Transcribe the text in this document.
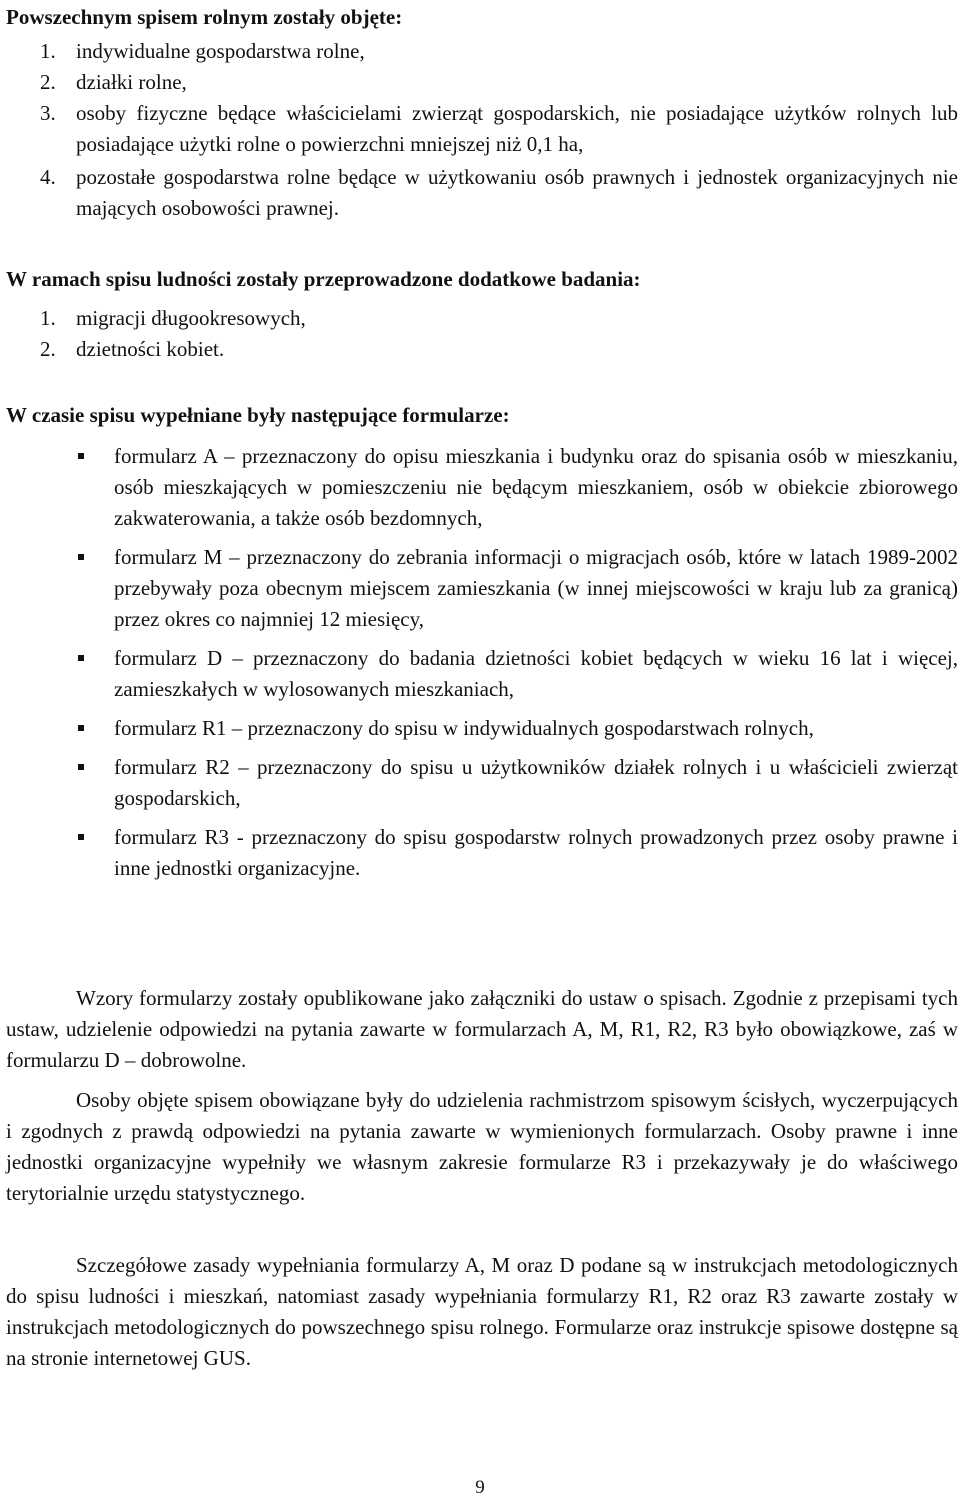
Powszechnym spisem rolnym zostały objęte:
1. indywidualne gospodarstwa rolne,
2. działki rolne,
3. osoby fizyczne będące właścicielami zwierząt gospodarskich, nie posiadające użytków rolnych lub posiadające użytki rolne o powierzchni mniejszej niż 0,1 ha,
4. pozostałe gospodarstwa rolne będące w użytkowaniu osób prawnych i jednostek organizacyjnych nie mających osobowości prawnej.
W ramach spisu ludności zostały przeprowadzone dodatkowe badania:
1. migracji długookresowych,
2. dzietności kobiet.
W czasie spisu wypełniane były następujące formularze:
formularz A – przeznaczony do opisu mieszkania i budynku oraz do spisania osób w mieszkaniu, osób mieszkających w pomieszczeniu nie będącym mieszkaniem, osób w obiekcie zbiorowego zakwaterowania, a także osób bezdomnych,
formularz M – przeznaczony do zebrania informacji o migracjach osób, które w latach 1989-2002 przebywały poza obecnym miejscem zamieszkania (w innej miejscowości w kraju lub za granicą) przez okres co najmniej 12 miesięcy,
formularz D – przeznaczony do badania dzietności kobiet będących w wieku 16 lat i więcej, zamieszkałych w wylosowanych mieszkaniach,
formularz R1 – przeznaczony do spisu w indywidualnych gospodarstwach rolnych,
formularz R2 – przeznaczony do spisu u użytkowników działek rolnych i u właścicieli zwierząt gospodarskich,
formularz R3 - przeznaczony do spisu gospodarstw rolnych prowadzonych przez osoby prawne i inne jednostki organizacyjne.

Wzory formularzy zostały opublikowane jako załączniki do ustaw o spisach. Zgodnie z przepisami tych ustaw, udzielenie odpowiedzi na pytania zawarte w formularzach A, M, R1, R2, R3 było obowiązkowe, zaś w formularzu D – dobrowolne.

Osoby objęte spisem obowiązane były do udzielenia rachmistrzom spisowym ścisłych, wyczerpujących i zgodnych z prawdą odpowiedzi na pytania zawarte w wymienionych formularzach. Osoby prawne i inne jednostki organizacyjne wypełniły we własnym zakresie formularze R3 i przekazywały je do właściwego terytorialnie urzędu statystycznego.

Szczegółowe zasady wypełniania formularzy A, M oraz D podane są w instrukcjach metodologicznych do spisu ludności i mieszkań, natomiast zasady wypełniania formularzy R1, R2 oraz R3 zawarte zostały w instrukcjach metodologicznych do powszechnego spisu rolnego. Formularze oraz instrukcje spisowe dostępne są na stronie internetowej GUS.

9
